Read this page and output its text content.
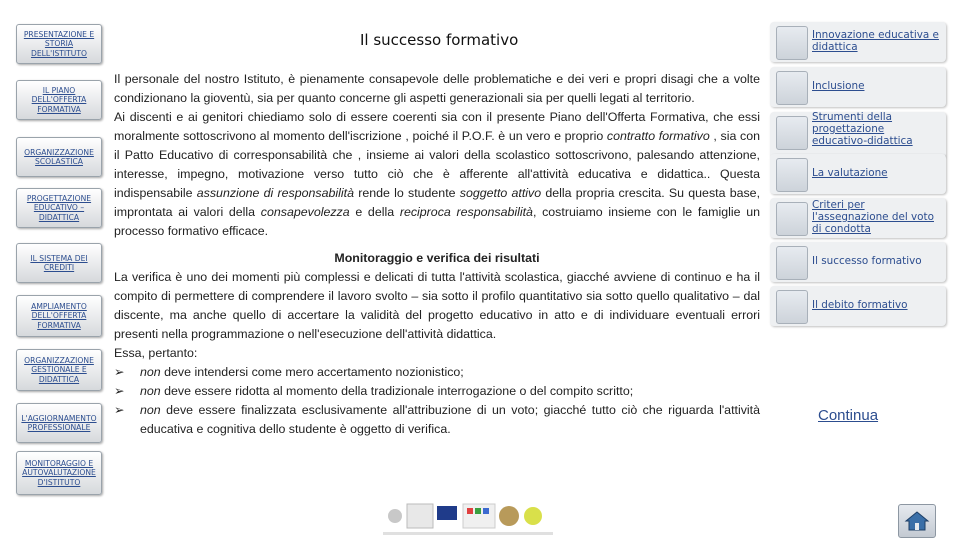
PRESENTAZIONE E STORIA DELL'ISTITUTO
IL PIANO DELL'OFFERTA FORMATIVA
ORGANIZZAZIONE SCOLASTICA
PROGETTAZIONE EDUCATIVO – DIDATTICA
IL SISTEMA DEI CREDITI
AMPLIAMENTO DELL'OFFERTA FORMATIVA
ORGANIZZAZIONE GESTIONALE E DIDATTICA
L'AGGIORNAMENTO PROFESSIONALE
MONITORAGGIO E AUTOVALUTAZIONE D'ISTITUTO
Il successo formativo

Il personale del nostro Istituto, è pienamente consapevole delle problematiche e dei veri e propri disagi che a volte condizionano la gioventù, sia per quanto concerne gli aspetti generazionali sia per quelli legati al territorio.
Ai discenti e ai genitori chiediamo solo di essere coerenti sia con il presente Piano dell'Offerta Formativa, che essi moralmente sottoscrivono al momento dell'iscrizione , poiché il P.O.F. è un vero e proprio contratto formativo , sia con il Patto Educativo di corresponsabilità che , insieme ai valori della scolastico sottoscrivono, palesando attenzione, interesse, impegno, motivazione verso tutto ciò che è afferente all'attività educativa e didattica.. Questa indispensabile assunzione di responsabilità rende lo studente soggetto attivo della propria crescita. Su questa base, improntata ai valori della consapevolezza e della reciproca responsabilità, costruiamo insieme con le famiglie un processo formativo efficace.

Monitoraggio e verifica dei risultati

La verifica è uno dei momenti più complessi e delicati di tutta l'attività scolastica, giacché avviene di continuo e ha il compito di permettere di comprendere il lavoro svolto – sia sotto il profilo quantitativo sia sotto quello qualitativo – dal discente, ma anche quello di accertare la validità del progetto educativo in atto e di individuare eventuali errori presenti nella programmazione o nell'esecuzione dell'attività didattica.

Essa, pertanto:

➢ non deve intendersi come mero accertamento nozionistico;
➢ non deve essere ridotta al momento della tradizionale interrogazione o del compito scritto;
➢ non deve essere finalizzata esclusivamente all'attribuzione di un voto; giacché tutto ciò che riguarda l'attività educativa e cognitiva dello studente è oggetto di verifica.
Innovazione educativa e didattica
Inclusione
Strumenti della progettazione educativo-didattica
La valutazione
Criteri per l'assegnazione del voto di condotta
Il successo formativo
Il debito formativo
Continua
